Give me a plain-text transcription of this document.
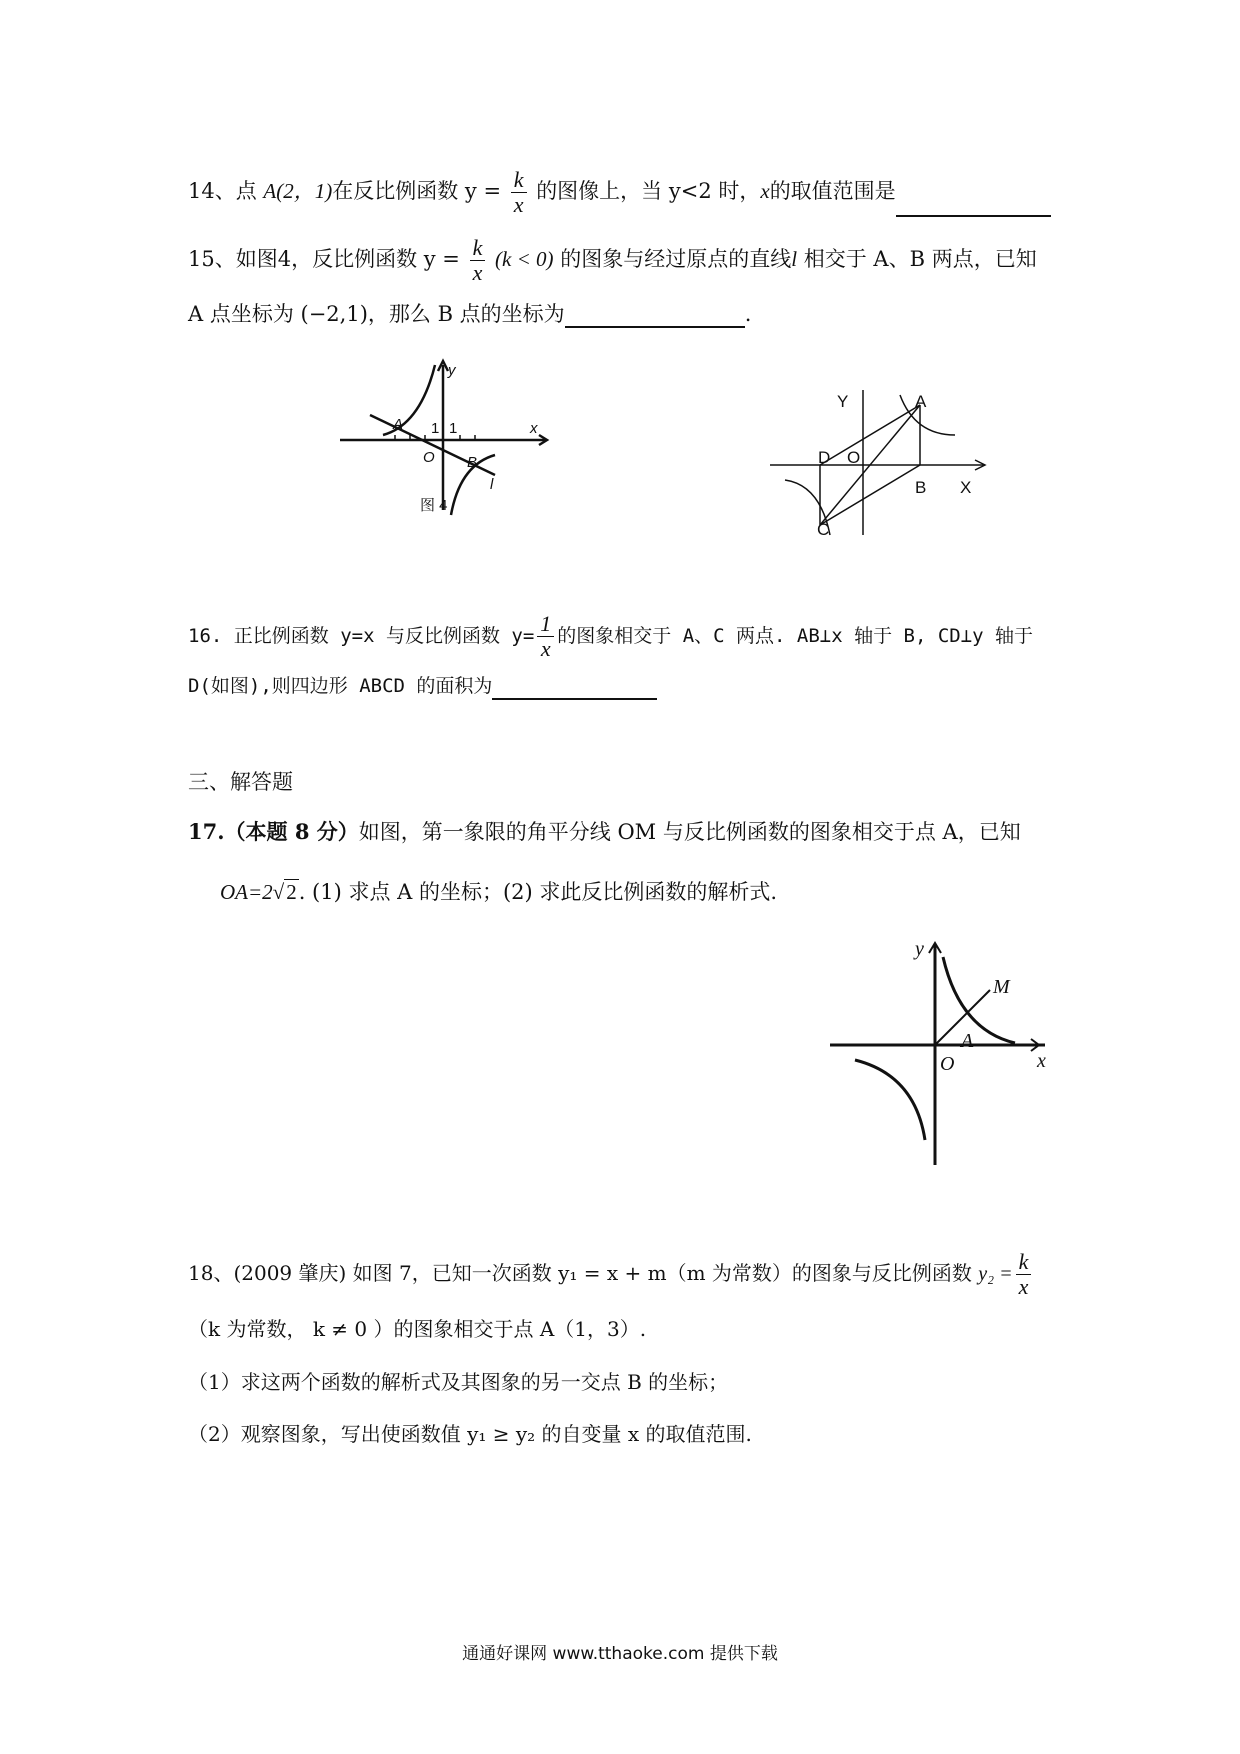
14、点 A(2，1)在反比例函数 $y = \frac{k}{x}$ 的图像上，当 y<2 时，x的取值范围是
15、如图4，反比例函数 $y = \frac{k}{x} (k < 0)$ 的图象与经过原点的直线l 相交于 A、B 两点，已知
A 点坐标为 (−2,1)，那么 B 点的坐标为	.
y
x
O
A
B
l
1 1
图 4
Y
X
A
B
C
D O
16. 正比例函数 y=x 与反比例函数 $y= \frac{1}{x}$ 的图象相交于 A、C 两点. AB⊥x 轴于 B, CD⊥y 轴于
D(如图),则四边形 ABCD 的面积为
三、解答题
17.（本题 8 分）如图，第一象限的角平分线 OM 与反比例函数的图象相交于点 A，已知
OA=2√2. (1) 求点 A 的坐标；(2) 求此反比例函数的解析式.
y
x
O
A
M
18、(2009 肇庆) 如图 7，已知一次函数 y₁ = x + m（m 为常数）的图象与反比例函数 $y_2 = \frac{k}{x}$
（k 为常数， k ≠ 0 ）的图象相交于点 A（1，3）.
（1）求这两个函数的解析式及其图象的另一交点 B 的坐标；
（2）观察图象，写出使函数值 y₁ ≥ y₂ 的自变量 x 的取值范围.
通通好课网 www.tthaoke.com 提供下载
